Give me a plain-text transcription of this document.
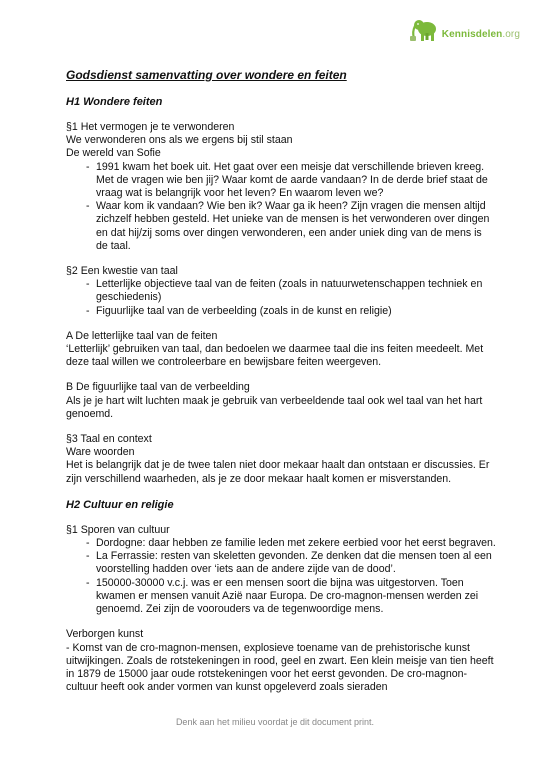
Kennisdelen.org

Godsdienst samenvatting over wondere en feiten

H1 Wondere feiten

§1 Het vermogen je te verwonderen

We verwonderen ons als we ergens bij stil staan

De wereld van Sofie

- 1991 kwam het boek uit. Het gaat over een meisje dat verschillende brieven kreeg. Met de vragen wie ben jij? Waar komt de aarde vandaan? In de derde brief staat de vraag wat is belangrijk voor het leven? En waarom leven we?
- Waar kom ik vandaan? Wie ben ik? Waar ga ik heen? Zijn vragen die mensen altijd zichzelf hebben gesteld. Het unieke van de mensen is het verwonderen over dingen en dat hij/zij soms over dingen verwonderen, een ander uniek ding van de mens is de taal.

§2 Een kwestie van taal

- Letterlijke objectieve taal van de feiten (zoals in natuurwetenschappen techniek en geschiedenis)
- Figuurlijke taal van de verbeelding (zoals in de kunst en religie)

A De letterlijke taal van de feiten

‘Letterlijk’ gebruiken van taal, dan bedoelen we daarmee taal die ins feiten meedeelt. Met deze taal willen we controleerbare en bewijsbare feiten weergeven.

B De figuurlijke taal van de verbeelding

Als je je hart wilt luchten maak je gebruik van verbeeldende taal ook wel taal van het hart genoemd.

§3 Taal en context

Ware woorden

Het is belangrijk dat je de twee talen niet door mekaar haalt dan ontstaan er discussies. Er zijn verschillend waarheden, als je ze door mekaar haalt komen er misverstanden.

H2 Cultuur en religie

§1 Sporen van cultuur

- Dordogne: daar hebben ze familie leden met zekere eerbied voor het eerst begraven.
- La Ferrassie: resten van skeletten gevonden. Ze denken dat die mensen toen al een voorstelling hadden over ‘iets aan de andere zijde van de dood’.
- 150000-30000 v.c.j. was er een mensen soort die bijna was uitgestorven. Toen kwamen er mensen vanuit Azië naar Europa. De cro-magnon-mensen werden zei genoemd. Zei zijn de voorouders va de tegenwoordige mens.

Verborgen kunst

- Komst van de cro-magnon-mensen, explosieve toename van de prehistorische kunst uitwijkingen. Zoals de rotstekeningen in rood, geel en zwart. Een klein meisje van tien heeft in 1879 de 15000 jaar oude rotstekeningen voor het eerst gevonden. De cro-magnon-cultuur heeft ook ander vormen van kunst opgeleverd zoals sieraden

Denk aan het milieu voordat je dit document print.
